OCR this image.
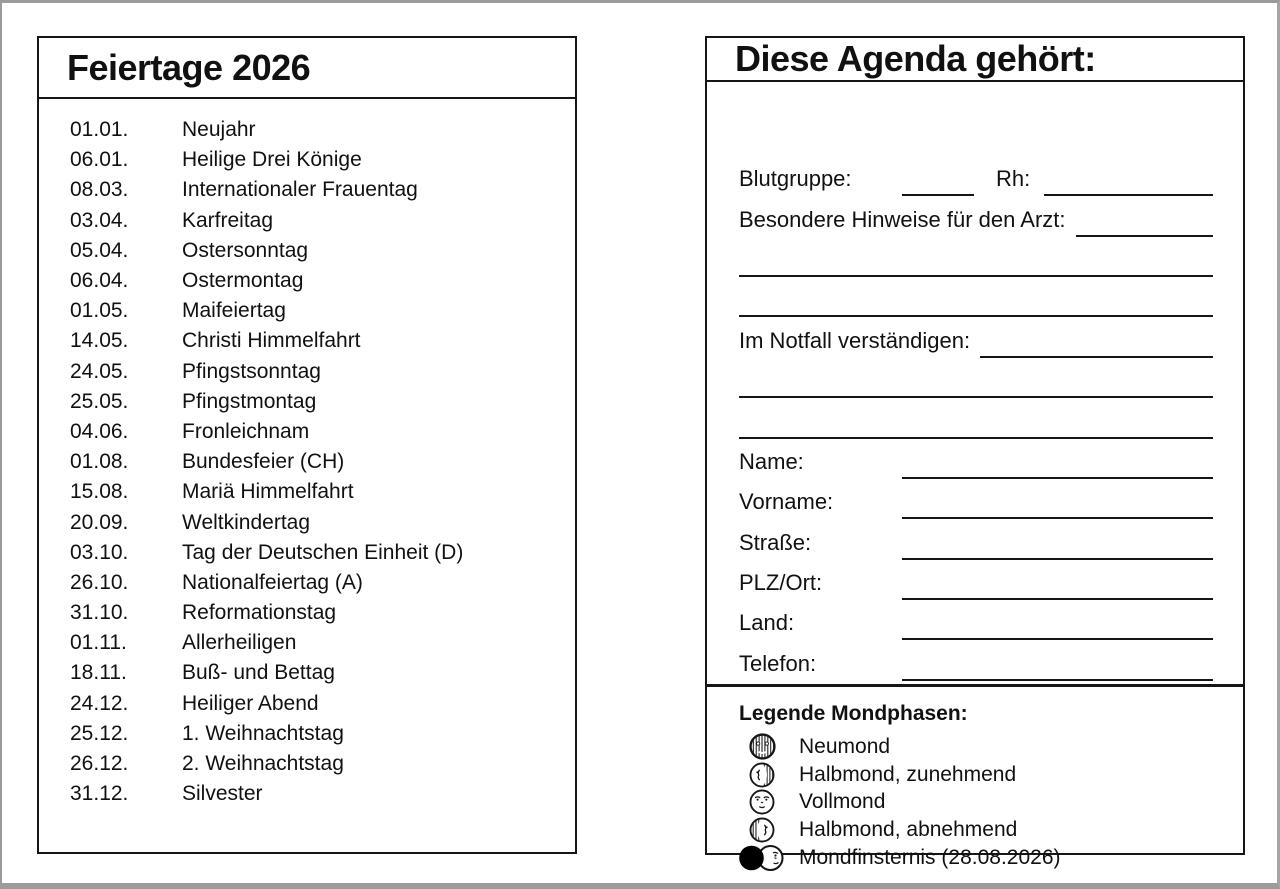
Feiertage 2026
01.01.	Neujahr
06.01.	Heilige Drei Könige
08.03.	Internationaler Frauentag
03.04.	Karfreitag
05.04.	Ostersonntag
06.04.	Ostermontag
01.05.	Maifeiertag
14.05.	Christi Himmelfahrt
24.05.	Pfingstsonntag
25.05.	Pfingstmontag
04.06.	Fronleichnam
01.08.	Bundesfeier (CH)
15.08.	Mariä Himmelfahrt
20.09.	Weltkindertag
03.10.	Tag der Deutschen Einheit (D)
26.10.	Nationalfeiertag (A)
31.10.	Reformationstag
01.11.	Allerheiligen
18.11.	Buß- und Bettag
24.12.	Heiliger Abend
25.12.	1. Weihnachtstag
26.12.	2. Weihnachtstag
31.12.	Silvester
Diese Agenda gehört:
Blutgruppe:	Rh:
Besondere Hinweise für den Arzt:
Im Notfall verständigen:
Name:
Vorname:
Straße:
PLZ/Ort:
Land:
Telefon:
Legende Mondphasen:
Neumond
Halbmond, zunehmend
Vollmond
Halbmond, abnehmend
Mondfinsternis (28.08.2026)
